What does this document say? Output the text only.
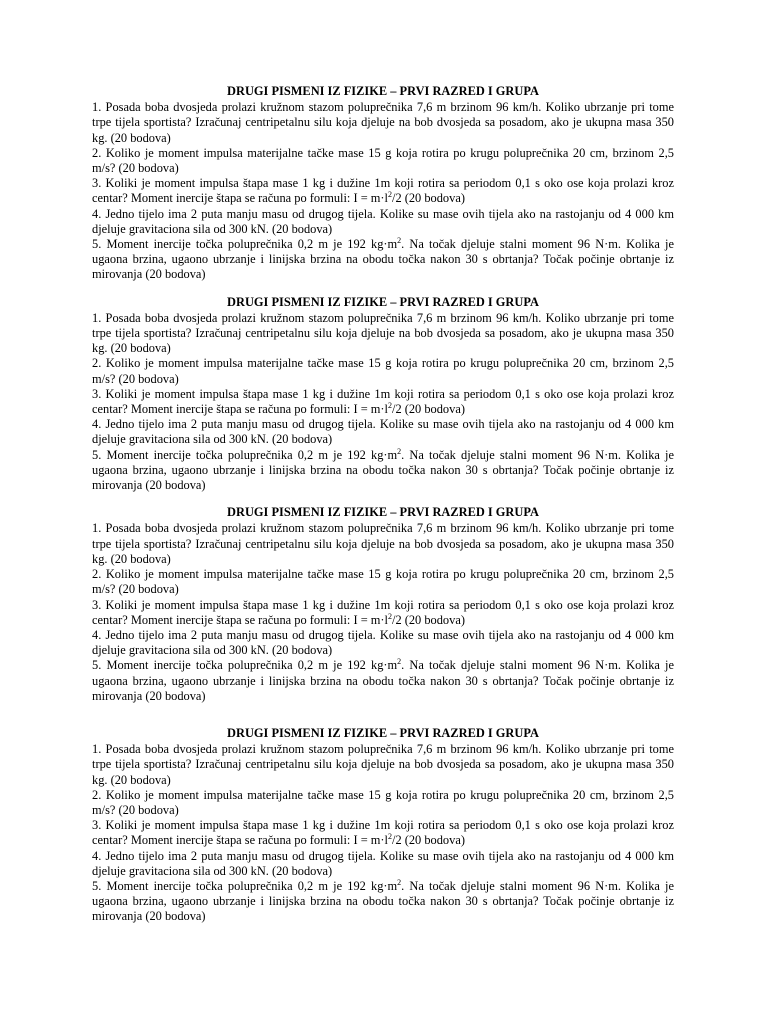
DRUGI PISMENI IZ FIZIKE – PRVI RAZRED I GRUPA

1. Posada boba dvosjeda prolazi kružnom stazom poluprečnika 7,6 m brzinom 96 km/h. Koliko ubrzanje pri tome trpe tijela sportista? Izračunaj centripetalnu silu koja djeluje na bob dvosjeda sa posadom, ako je ukupna masa 350 kg. (20 bodova)

2. Koliko je moment impulsa materijalne tačke mase 15 g koja rotira po krugu poluprečnika 20 cm, brzinom 2,5 m/s? (20 bodova)

3. Koliki je moment impulsa štapa mase 1 kg i dužine 1m koji rotira sa periodom 0,1 s oko ose koja prolazi kroz centar? Moment inercije štapa se računa po formuli: $I = m\cdot l^2/2$ (20 bodova)

4. Jedno tijelo ima 2 puta manju masu od drugog tijela. Kolike su mase ovih tijela ako na rastojanju od 4 000 km djeluje gravitaciona sila od 300 kN. (20 bodova)

5. Moment inercije točka poluprečnika 0,2 m je 192 $kg\cdot m^2$. Na točak djeluje stalni moment 96 N·m. Kolika je ugaona brzina, ugaono ubrzanje i linijska brzina na obodu točka nakon 30 s obrtanja? Točak počinje obrtanje iz mirovanja (20 bodova)

DRUGI PISMENI IZ FIZIKE – PRVI RAZRED I GRUPA

1. Posada boba dvosjeda prolazi kružnom stazom poluprečnika 7,6 m brzinom 96 km/h. Koliko ubrzanje pri tome trpe tijela sportista? Izračunaj centripetalnu silu koja djeluje na bob dvosjeda sa posadom, ako je ukupna masa 350 kg. (20 bodova)

2. Koliko je moment impulsa materijalne tačke mase 15 g koja rotira po krugu poluprečnika 20 cm, brzinom 2,5 m/s? (20 bodova)

3. Koliki je moment impulsa štapa mase 1 kg i dužine 1m koji rotira sa periodom 0,1 s oko ose koja prolazi kroz centar? Moment inercije štapa se računa po formuli: $I = m\cdot l^2/2$ (20 bodova)

4. Jedno tijelo ima 2 puta manju masu od drugog tijela. Kolike su mase ovih tijela ako na rastojanju od 4 000 km djeluje gravitaciona sila od 300 kN. (20 bodova)

5. Moment inercije točka poluprečnika 0,2 m je 192 $kg\cdot m^2$. Na točak djeluje stalni moment 96 N·m. Kolika je ugaona brzina, ugaono ubrzanje i linijska brzina na obodu točka nakon 30 s obrtanja? Točak počinje obrtanje iz mirovanja (20 bodova)

DRUGI PISMENI IZ FIZIKE – PRVI RAZRED I GRUPA

1. Posada boba dvosjeda prolazi kružnom stazom poluprečnika 7,6 m brzinom 96 km/h. Koliko ubrzanje pri tome trpe tijela sportista? Izračunaj centripetalnu silu koja djeluje na bob dvosjeda sa posadom, ako je ukupna masa 350 kg. (20 bodova)

2. Koliko je moment impulsa materijalne tačke mase 15 g koja rotira po krugu poluprečnika 20 cm, brzinom 2,5 m/s? (20 bodova)

3. Koliki je moment impulsa štapa mase 1 kg i dužine 1m koji rotira sa periodom 0,1 s oko ose koja prolazi kroz centar? Moment inercije štapa se računa po formuli: $I = m\cdot l^2/2$ (20 bodova)

4. Jedno tijelo ima 2 puta manju masu od drugog tijela. Kolike su mase ovih tijela ako na rastojanju od 4 000 km djeluje gravitaciona sila od 300 kN. (20 bodova)

5. Moment inercije točka poluprečnika 0,2 m je 192 $kg\cdot m^2$. Na točak djeluje stalni moment 96 N·m. Kolika je ugaona brzina, ugaono ubrzanje i linijska brzina na obodu točka nakon 30 s obrtanja? Točak počinje obrtanje iz mirovanja (20 bodova)

DRUGI PISMENI IZ FIZIKE – PRVI RAZRED I GRUPA

1. Posada boba dvosjeda prolazi kružnom stazom poluprečnika 7,6 m brzinom 96 km/h. Koliko ubrzanje pri tome trpe tijela sportista? Izračunaj centripetalnu silu koja djeluje na bob dvosjeda sa posadom, ako je ukupna masa 350 kg. (20 bodova)

2. Koliko je moment impulsa materijalne tačke mase 15 g koja rotira po krugu poluprečnika 20 cm, brzinom 2,5 m/s? (20 bodova)

3. Koliki je moment impulsa štapa mase 1 kg i dužine 1m koji rotira sa periodom 0,1 s oko ose koja prolazi kroz centar? Moment inercije štapa se računa po formuli: $I = m\cdot l^2/2$ (20 bodova)

4. Jedno tijelo ima 2 puta manju masu od drugog tijela. Kolike su mase ovih tijela ako na rastojanju od 4 000 km djeluje gravitaciona sila od 300 kN. (20 bodova)

5. Moment inercije točka poluprečnika 0,2 m je 192 $kg\cdot m^2$. Na točak djeluje stalni moment 96 N·m. Kolika je ugaona brzina, ugaono ubrzanje i linijska brzina na obodu točka nakon 30 s obrtanja? Točak počinje obrtanje iz mirovanja (20 bodova)
